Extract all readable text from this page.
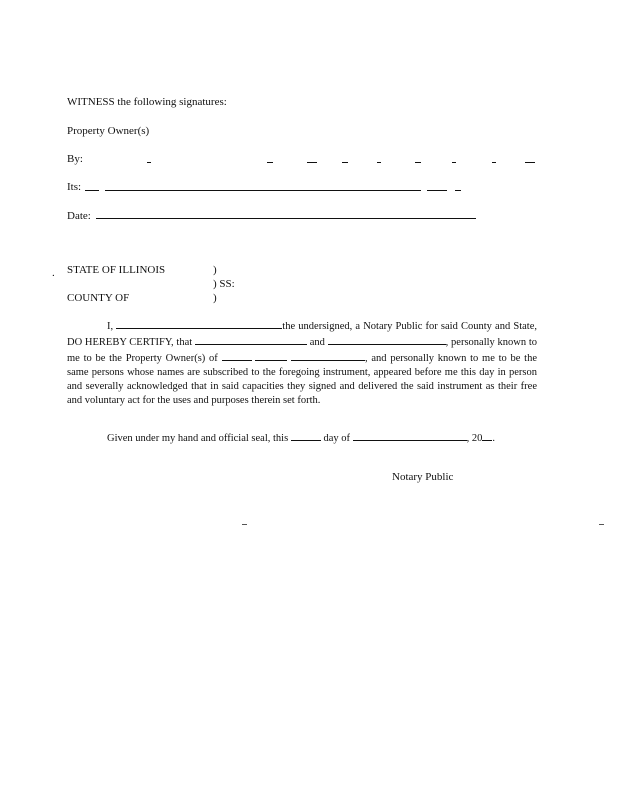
WITNESS the following signatures:
Property Owner(s)
By:
Its:
Date:
. STATE OF ILLINOIS	)
) SS:
COUNTY OF	)
I,	the undersigned, a Notary Public for said County and State, DO HEREBY CERTIFY, that	and	, personally known to me to be the Property Owner(s) of	, and personally known to me to be the same persons whose names are subscribed to the foregoing instrument, appeared before me this day in person and severally acknowledged that in said capacities they signed and delivered the said instrument as their free and voluntary act for the uses and purposes therein set forth.
Given under my hand and official seal, this	day of	, 20 .
Notary Public
